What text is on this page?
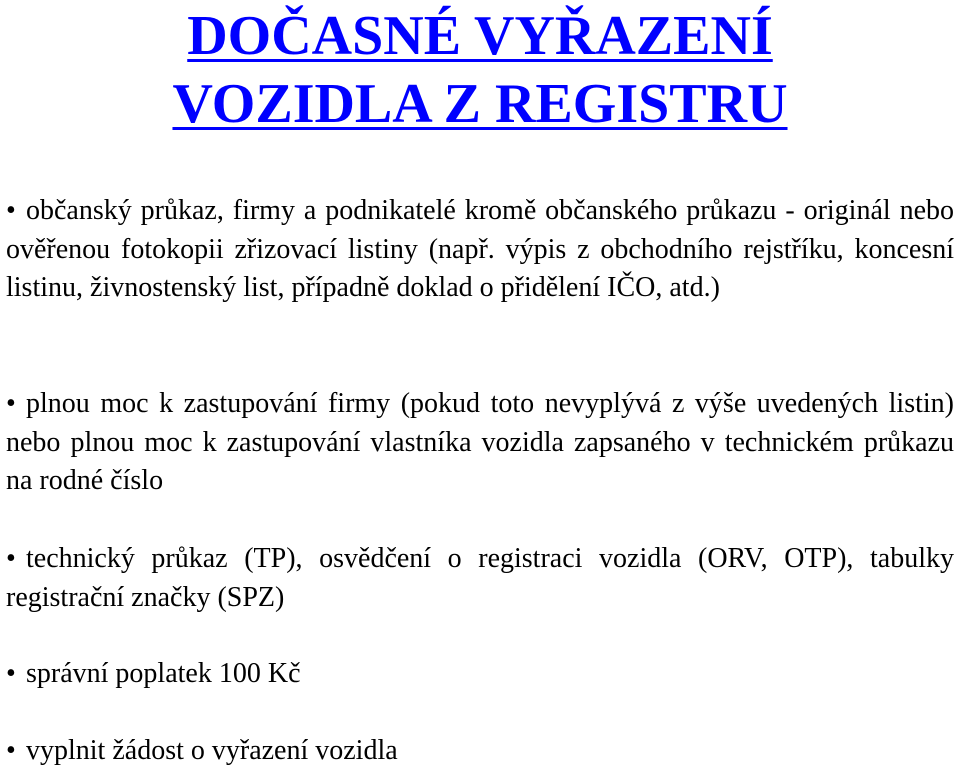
DOČASNÉ VYŘAZENÍ
VOZIDLA Z REGISTRU
• občanský průkaz, firmy a podnikatelé kromě občanského průkazu - originál nebo ověřenou fotokopii zřizovací listiny (např. výpis z obchodního rejstříku, koncesní listinu, živnostenský list, případně doklad o přidělení IČO, atd.)
• plnou moc k zastupování firmy (pokud toto nevyplývá z výše uvedených listin) nebo plnou moc k zastupování vlastníka vozidla zapsaného v technickém průkazu na rodné číslo
• technický průkaz (TP), osvědčení o registraci vozidla (ORV, OTP), tabulky registrační značky (SPZ)
• správní poplatek 100 Kč
• vyplnit žádost o vyřazení vozidla
